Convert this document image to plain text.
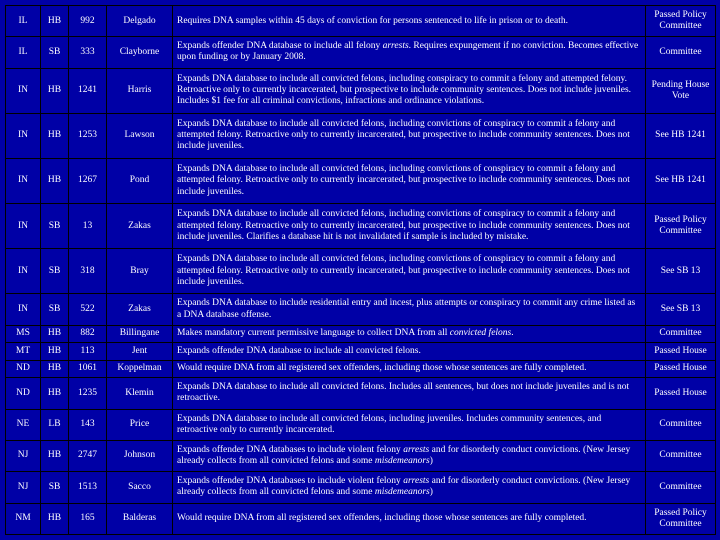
IL	HB	992	Delgado	Requires DNA samples within 45 days of conviction for persons sentenced to life in prison or to death.	Passed Policy Committee
IL	SB	333	Clayborne	Expands offender DNA database to include all felony arrests. Requires expungement if no conviction. Becomes effective upon funding or by January 2008.	Committee
IN	HB	1241	Harris	Expands DNA database to include all convicted felons, including conspiracy to commit a felony and attempted felony. Retroactive only to currently incarcerated, but prospective to include community sentences. Does not include juveniles. Includes $1 fee for all criminal convictions, infractions and ordinance violations.	Pending House Vote
IN	HB	1253	Lawson	Expands DNA database to include all convicted felons, including convictions of conspiracy to commit a felony and attempted felony. Retroactive only to currently incarcerated, but prospective to include community sentences. Does not include juveniles.	See HB 1241
IN	HB	1267	Pond	Expands DNA database to include all convicted felons, including convictions of conspiracy to commit a felony and attempted felony. Retroactive only to currently incarcerated, but prospective to include community sentences. Does not include juveniles.	See HB 1241
IN	SB	13	Zakas	Expands DNA database to include all convicted felons, including convictions of conspiracy to commit a felony and attempted felony. Retroactive only to currently incarcerated, but prospective to include community sentences. Does not include juveniles. Clarifies a database hit is not invalidated if sample is included by mistake.	Passed Policy Committee
IN	SB	318	Bray	Expands DNA database to include all convicted felons, including convictions of conspiracy to commit a felony and attempted felony. Retroactive only to currently incarcerated, but prospective to include community sentences. Does not include juveniles.	See SB 13
IN	SB	522	Zakas	Expands DNA database to include residential entry and incest, plus attempts or conspiracy to commit any crime listed as a DNA database offense.	See SB 13
MS	HB	882	Billingane	Makes mandatory current permissive language to collect DNA from all convicted felons.	Committee
MT	HB	113	Jent	Expands offender DNA database to include all convicted felons.	Passed House
ND	HB	1061	Koppelman	Would require DNA from all registered sex offenders, including those whose sentences are fully completed.	Passed House
ND	HB	1235	Klemin	Expands DNA database to include all convicted felons. Includes all sentences, but does not include juveniles and is not retroactive.	Passed House
NE	LB	143	Price	Expands DNA database to include all convicted felons, including juveniles. Includes community sentences, and retroactive only to currently incarcerated.	Committee
NJ	HB	2747	Johnson	Expands offender DNA databases to include violent felony arrests and for disorderly conduct convictions. (New Jersey already collects from all convicted felons and some misdemeanors)	Committee
NJ	SB	1513	Sacco	Expands offender DNA databases to include violent felony arrests and for disorderly conduct convictions. (New Jersey already collects from all convicted felons and some misdemeanors)	Committee
NM	HB	165	Balderas	Would require DNA from all registered sex offenders, including those whose sentences are fully completed.	Passed Policy Committee
